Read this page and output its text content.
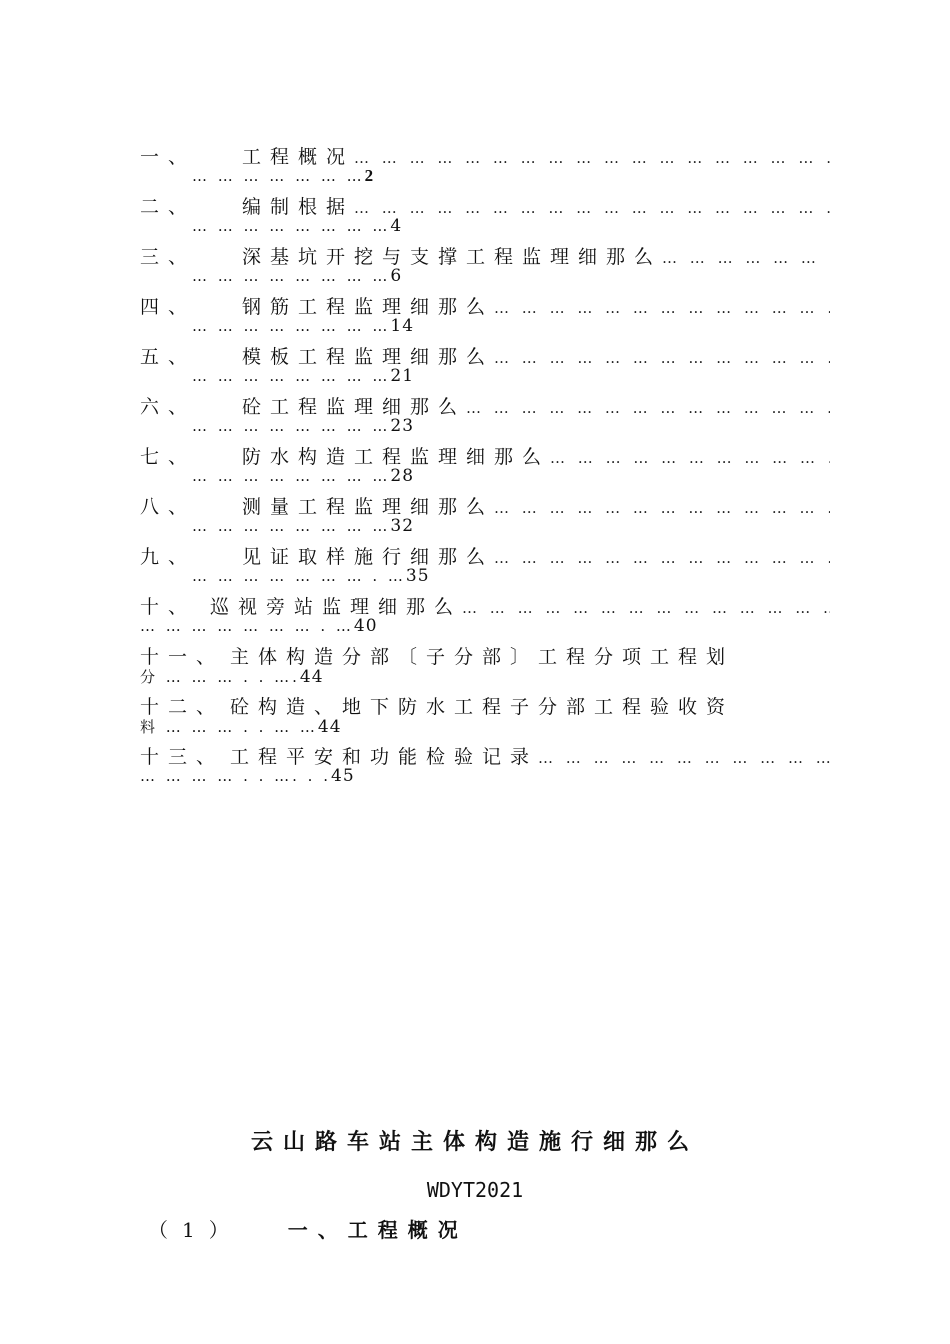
一、 工程概况
… … … … … … … … … … … … … … … … … … … … … … … … … … … … … …
… … … … … … … 2
二、 编制根据
… … … … … … … … … … … … … … … … … … … … … … … … … … … … … …
… … … … … … … … 4
三、 深基坑开挖与支撑工程监理细那么
… … … … … … … … … … … … … … … … … … … … … … … … … … … … … …
… … … … … … … … 6
四、 钢筋工程监理细那么
… … … … … … … … … … … … … … … … … … … … … … … … … … … … … …
… … … … … … … … 14
五、 模板工程监理细那么
… … … … … … … … … … … … … … … … … … … … … … … … … … … … … …
… … … … … … … … 21
六、 砼工程监理细那么
… … … … … … … … … … … … … … … … … … … … … … … … … … … … … …
… … … … … … … … 23
七、 防水构造工程监理细那么
… … … … … … … … … … … … … … … … … … … … … … … … … … … … … …
… … … … … … … … 28
八、 测量工程监理细那么
… … … … … … … … … … … … … … … … … … … … … … … … … … … … … …
… … … … … … … … 32
九、 见证取样施行细那么
… … … … … … … … … … … … … … … … … … … … … … … … … … … … … …
… … … … … … … . … 35
十、 巡视旁站监理细那么
… … … … … … … … … … … … … … … … … … … … … … … … … … … … … …
… … … … … … … . … 40
十一、 主体构造分部〔子分部〕工程分项工程划
分 … … … . . …. 44
十二、 砼构造、地下防水工程子分部工程验收资
料 … … … . . … … 44
十三、 工程平安和功能检验记录
… … … … … … … … … … … … … … … … … … … … … … … … … … … … … …
… … … … . . …. . . 45
云山路车站主体构造施行细那么
WDYT2021
（1） 一、工程概况
